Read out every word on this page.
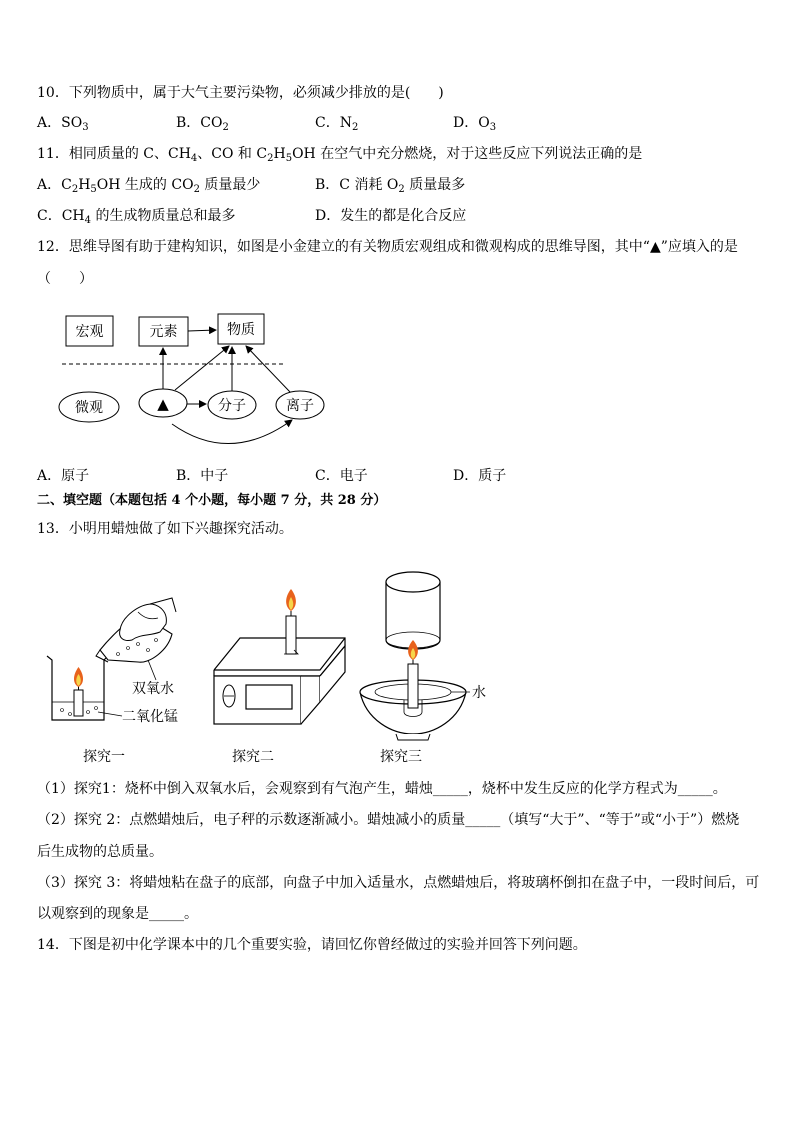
10．下列物质中，属于大气主要污染物，必须减少排放的是(　　)
A．$SO_3$	B．$CO_2$	C．$N_2$	D．$O_3$
11．相同质量的 C、$CH_4$、CO 和 $C_2H_5OH$ 在空气中充分燃烧，对于这些反应下列说法正确的是
A．$C_2H_5OH$ 生成的 $CO_2$ 质量最少	B．C 消耗 $O_2$ 质量最多
C．$CH_4$ 的生成物质量总和最多	D．发生的都是化合反应
12．思维导图有助于建构知识，如图是小金建立的有关物质宏观组成和微观构成的思维导图，其中“▲”应填入的是
（　　）
宏观	元素	物质
微观	▲	分子	离子
双氧水
二氧化锰
探究一	探究二
水
探究三
A．原子	B．中子	C．电子	D．质子
二、填空题（本题包括 4 个小题，每小题 7 分，共 28 分）
13．小明用蜡烛做了如下兴趣探究活动。
（1）探究1：烧杯中倒入双氧水后，会观察到有气泡产生，蜡烛_____，烧杯中发生反应的化学方程式为_____。
（2）探究 2：点燃蜡烛后，电子秤的示数逐渐减小。蜡烛减小的质量_____（填写“大于”、“等于”或“小于”）燃烧
后生成物的总质量。
（3）探究 3：将蜡烛粘在盘子的底部，向盘子中加入适量水，点燃蜡烛后，将玻璃杯倒扣在盘子中，一段时间后，可
以观察到的现象是_____。
14．下图是初中化学课本中的几个重要实验，请回忆你曾经做过的实验并回答下列问题。
